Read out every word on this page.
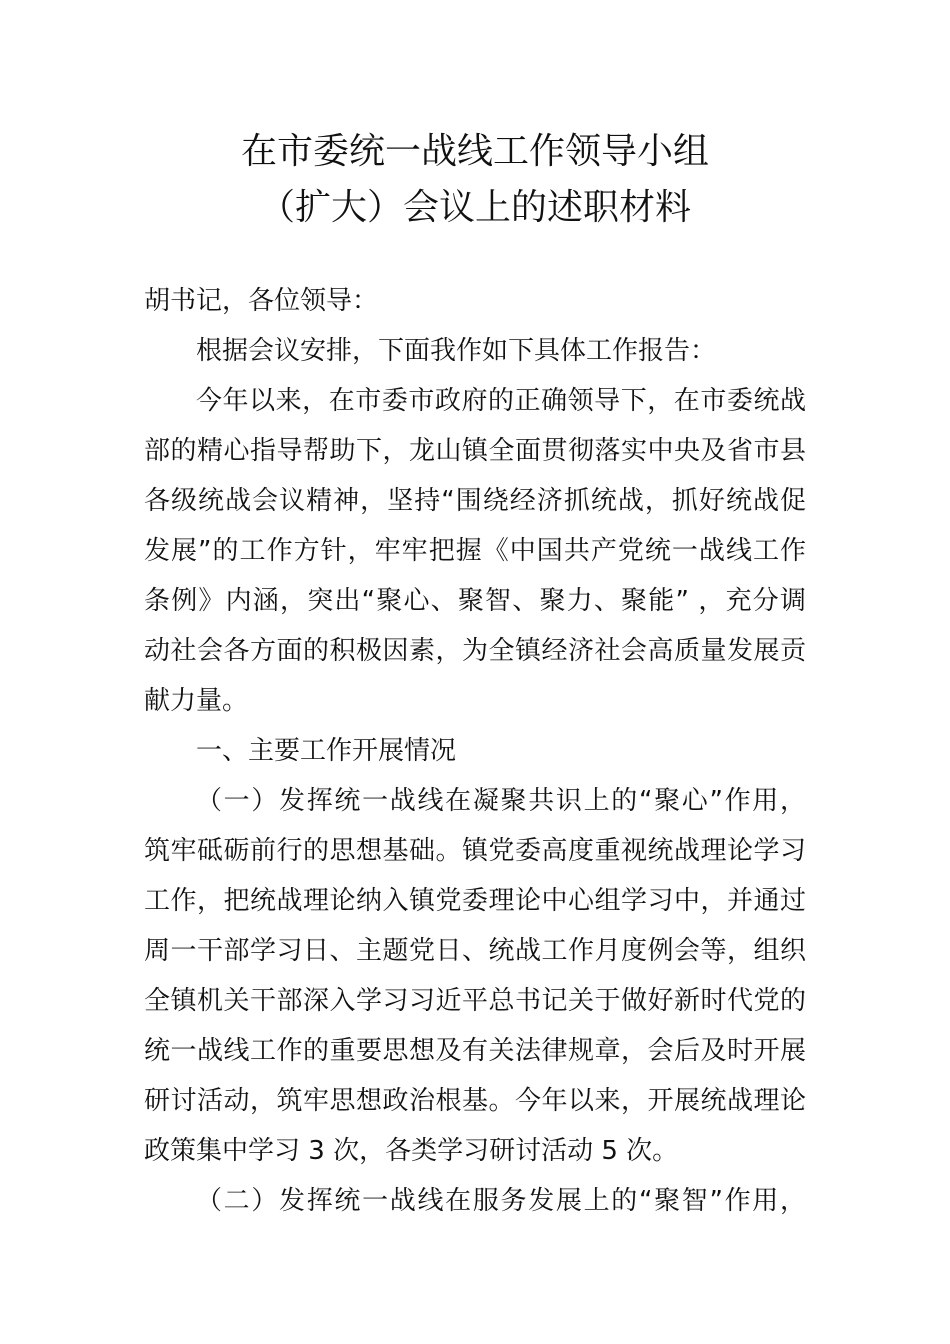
在市委统一战线工作领导小组
（扩大）会议上的述职材料
胡书记，各位领导：
根据会议安排，下面我作如下具体工作报告：
今年以来，在市委市政府的正确领导下，在市委统战
部的精心指导帮助下，龙山镇全面贯彻落实中央及省市县
各级统战会议精神，坚持“围绕经济抓统战，抓好统战促
发展”的工作方针，牢牢把握《中国共产党统一战线工作
条例》内涵，突出“聚心、聚智、聚力、聚能” ，充分调
动社会各方面的积极因素，为全镇经济社会高质量发展贡
献力量。
一、主要工作开展情况
（一）发挥统一战线在凝聚共识上的“聚心”作用，
筑牢砥砺前行的思想基础。镇党委高度重视统战理论学习
工作，把统战理论纳入镇党委理论中心组学习中，并通过
周一干部学习日、主题党日、统战工作月度例会等，组织
全镇机关干部深入学习习近平总书记关于做好新时代党的
统一战线工作的重要思想及有关法律规章，会后及时开展
研讨活动，筑牢思想政治根基。今年以来，开展统战理论
政策集中学习 3 次，各类学习研讨活动 5 次。
（二）发挥统一战线在服务发展上的“聚智”作用，
